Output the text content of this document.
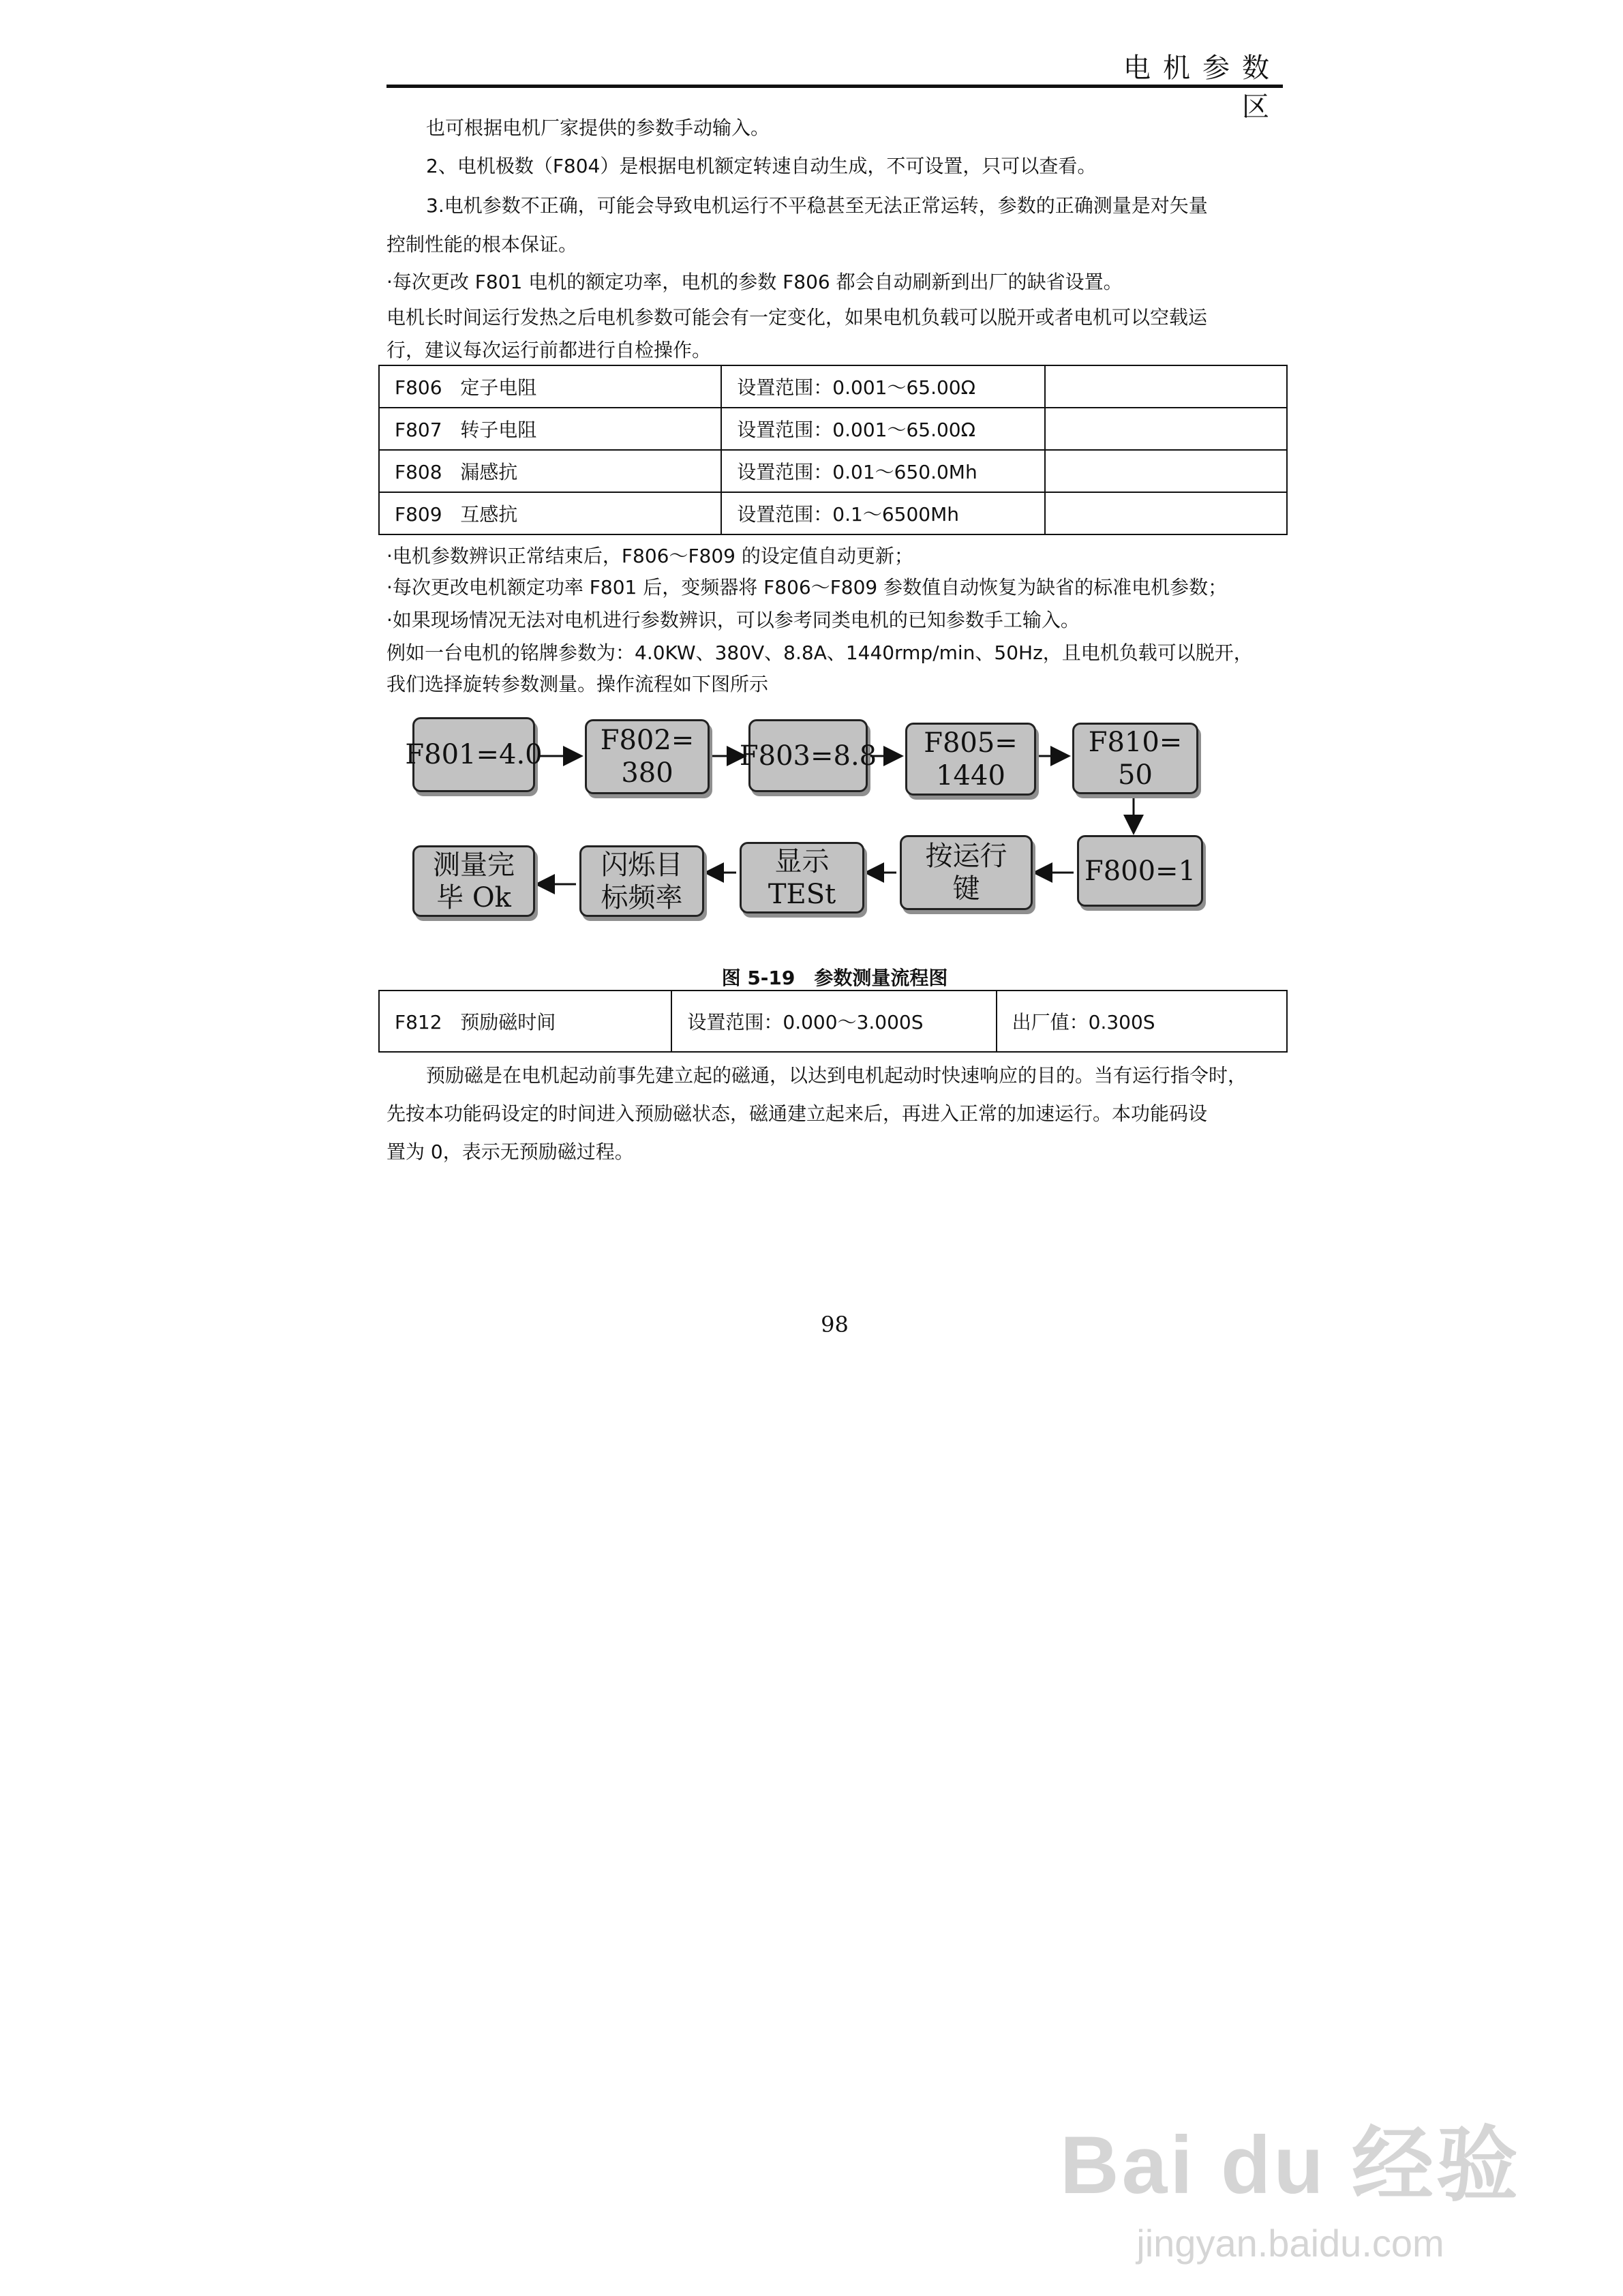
电机参数区
也可根据电机厂家提供的参数手动输入。
2、电机极数（F804）是根据电机额定转速自动生成，不可设置，只可以查看。
3.电机参数不正确，可能会导致电机运行不平稳甚至无法正常运转，参数的正确测量是对矢量
控制性能的根本保证。
·每次更改 F801 电机的额定功率，电机的参数 F806 都会自动刷新到出厂的缺省设置。
电机长时间运行发热之后电机参数可能会有一定变化，如果电机负载可以脱开或者电机可以空载运
行，建议每次运行前都进行自检操作。
F806 定子电阻	设置范围：0.001～65.00Ω	
F807 转子电阻	设置范围：0.001～65.00Ω	
F808 漏感抗	设置范围：0.01～650.0Mh	
F809 互感抗	设置范围：0.1～6500Mh	
·电机参数辨识正常结束后，F806～F809 的设定值自动更新；
·每次更改电机额定功率 F801 后，变频器将 F806～F809 参数值自动恢复为缺省的标准电机参数；
·如果现场情况无法对电机进行参数辨识，可以参考同类电机的已知参数手工输入。
例如一台电机的铭牌参数为：4.0KW、380V、8.8A、1440rmp/min、50Hz，且电机负载可以脱开，
我们选择旋转参数测量。操作流程如下图所示
F801=4.0 F802=
380
F803=8.8 F805=
1440
F810=
50
F800=1
按运行
键
显示
TESt
闪烁目
标频率
测量完
毕 Ok
图 5-19　参数测量流程图
F812 预励磁时间	设置范围：0.000～3.000S	出厂值：0.300S
预励磁是在电机起动前事先建立起的磁通，以达到电机起动时快速响应的目的。当有运行指令时，
先按本功能码设定的时间进入预励磁状态，磁通建立起来后，再进入正常的加速运行。本功能码设
置为 0，表示无预励磁过程。
98
Bai du 经验
jingyan.baidu.com
